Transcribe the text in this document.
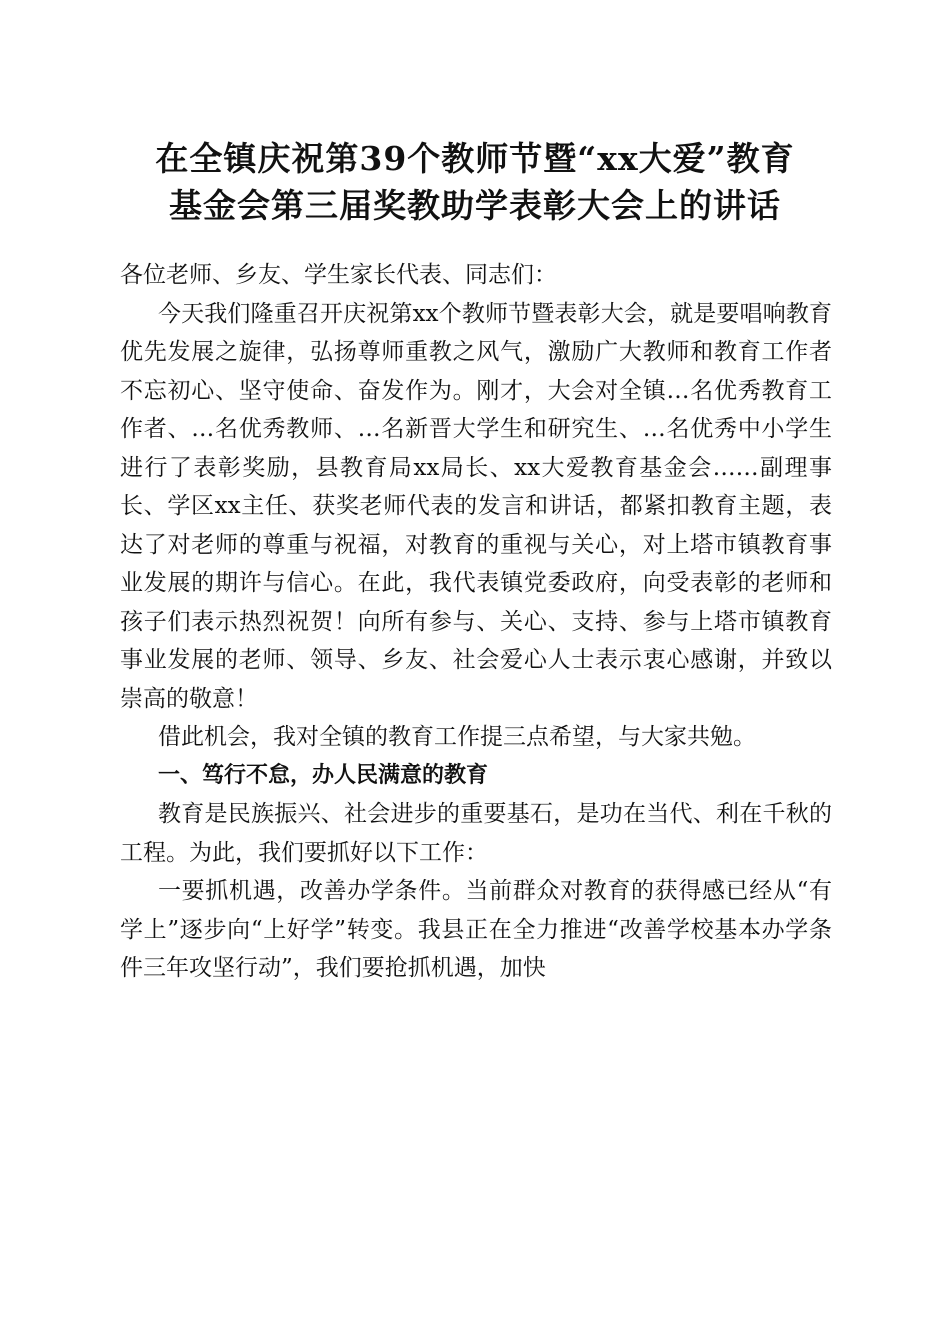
在全镇庆祝第39个教师节暨“xx大爱”教育
基金会第三届奖教助学表彰大会上的讲话

各位老师、乡友、学生家长代表、同志们：

今天我们隆重召开庆祝第xx个教师节暨表彰大会，就是要唱响教育优先发展之旋律，弘扬尊师重教之风气，激励广大教师和教育工作者不忘初心、坚守使命、奋发作为。刚才，大会对全镇…名优秀教育工作者、…名优秀教师、…名新晋大学生和研究生、…名优秀中小学生进行了表彰奖励，县教育局xx局长、xx大爱教育基金会……副理事长、学区xx主任、获奖老师代表的发言和讲话，都紧扣教育主题，表达了对老师的尊重与祝福，对教育的重视与关心，对上塔市镇教育事业发展的期许与信心。在此，我代表镇党委政府，向受表彰的老师和孩子们表示热烈祝贺！向所有参与、关心、支持、参与上塔市镇教育事业发展的老师、领导、乡友、社会爱心人士表示衷心感谢，并致以崇高的敬意！

借此机会，我对全镇的教育工作提三点希望，与大家共勉。

一、笃行不怠，办人民满意的教育

教育是民族振兴、社会进步的重要基石，是功在当代、利在千秋的工程。为此，我们要抓好以下工作：

一要抓机遇，改善办学条件。当前群众对教育的获得感已经从“有学上”逐步向“上好学”转变。我县正在全力推进“改善学校基本办学条件三年攻坚行动”，我们要抢抓机遇，加快
